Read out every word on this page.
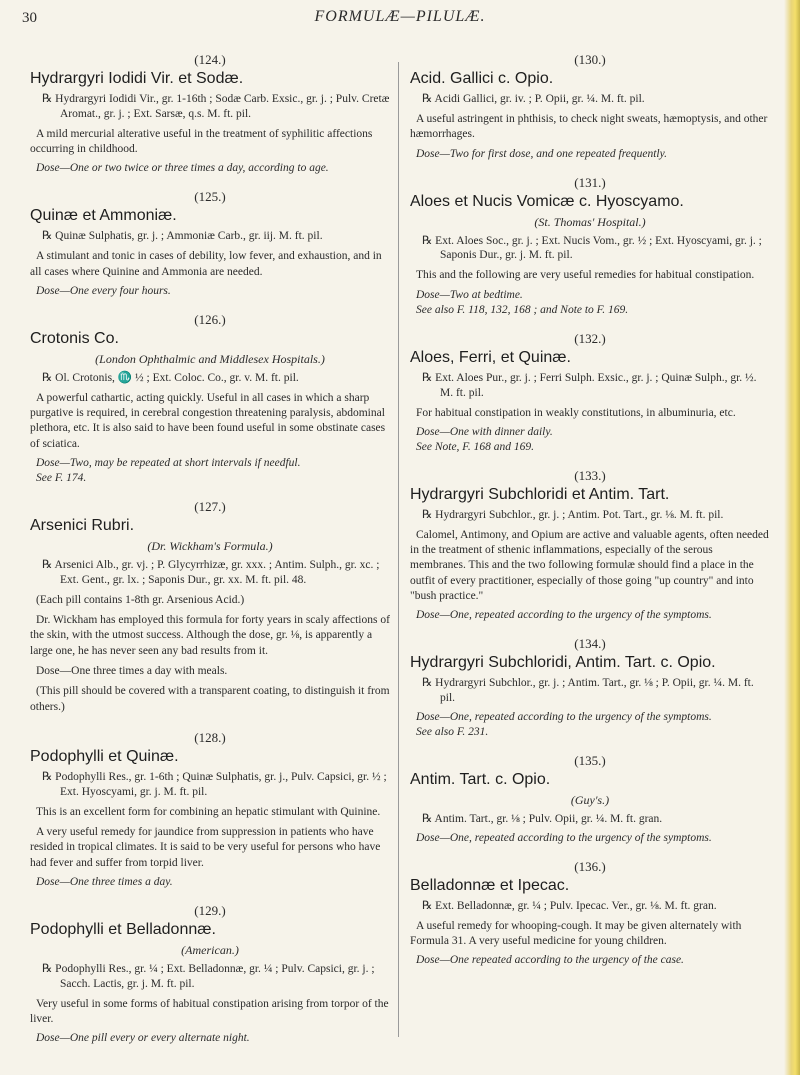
30	FORMULÆ—PILULÆ.
(124.)
Hydrargyri Iodidi Vir. et Sodæ.
℞ Hydrargyri Iodidi Vir., gr. 1-16th ; Sodæ Carb. Exsic., gr. j. ; Pulv. Cretæ Aromat., gr. j. ; Ext. Sarsæ, q.s. M. ft. pil.
A mild mercurial alterative useful in the treatment of syphilitic affections occurring in childhood.
Dose—One or two twice or three times a day, according to age.
(125.)
Quinæ et Ammoniæ.
℞ Quinæ Sulphatis, gr. j. ; Ammoniæ Carb., gr. iij. M. ft. pil.
A stimulant and tonic in cases of debility, low fever, and exhaustion, and in all cases where Quinine and Ammonia are needed.
Dose—One every four hours.
(126.)
Crotonis Co.
(London Ophthalmic and Middlesex Hospitals.)
℞ Ol. Crotonis, ♏ ½ ; Ext. Coloc. Co., gr. v. M. ft. pil.
A powerful cathartic, acting quickly. Useful in all cases in which a sharp purgative is required, in cerebral congestion threatening paralysis, abdominal plethora, etc. It is also said to have been found useful in some obstinate cases of sciatica.
Dose—Two, may be repeated at short intervals if needful.
See F. 174.
(127.)
Arsenici Rubri.
(Dr. Wickham's Formula.)
℞ Arsenici Alb., gr. vj. ; P. Glycyrrhizæ, gr. xxx. ; Antim. Sulph., gr. xc. ; Ext. Gent., gr. lx. ; Saponis Dur., gr. xx. M. ft. pil. 48.
(Each pill contains 1-8th gr. Arsenious Acid.)
Dr. Wickham has employed this formula for forty years in scaly affections of the skin, with the utmost success. Although the dose, gr. ⅛, is apparently a large one, he has never seen any bad results from it.
Dose—One three times a day with meals.
(This pill should be covered with a transparent coating, to distinguish it from others.)
(128.)
Podophylli et Quinæ.
℞ Podophylli Res., gr. 1-6th ; Quinæ Sulphatis, gr. j., Pulv. Capsici, gr. ½ ; Ext. Hyoscyami, gr. j. M. ft. pil.
This is an excellent form for combining an hepatic stimulant with Quinine.
A very useful remedy for jaundice from suppression in patients who have resided in tropical climates. It is said to be very useful for persons who have had fever and suffer from torpid liver.
Dose—One three times a day.
(129.)
Podophylli et Belladonnæ.
(American.)
℞ Podophylli Res., gr. ¼ ; Ext. Belladonnæ, gr. ¼ ; Pulv. Capsici, gr. j. ; Sacch. Lactis, gr. j. M. ft. pil.
Very useful in some forms of habitual constipation arising from torpor of the liver.
Dose—One pill every or every alternate night.
(130.)
Acid. Gallici c. Opio.
℞ Acidi Gallici, gr. iv. ; P. Opii, gr. ¼. M. ft. pil.
A useful astringent in phthisis, to check night sweats, hæmoptysis, and other hæmorrhages.
Dose—Two for first dose, and one repeated frequently.
(131.)
Aloes et Nucis Vomicæ c. Hyoscyamo.
(St. Thomas' Hospital.)
℞ Ext. Aloes Soc., gr. j. ; Ext. Nucis Vom., gr. ½ ; Ext. Hyoscyami, gr. j. ; Saponis Dur., gr. j. M. ft. pil.
This and the following are very useful remedies for habitual constipation.
Dose—Two at bedtime.
See also F. 118, 132, 168 ; and Note to F. 169.
(132.)
Aloes, Ferri, et Quinæ.
℞ Ext. Aloes Pur., gr. j. ; Ferri Sulph. Exsic., gr. j. ; Quinæ Sulph., gr. ½. M. ft. pil.
For habitual constipation in weakly constitutions, in albuminuria, etc.
Dose—One with dinner daily.
See Note, F. 168 and 169.
(133.)
Hydrargyri Subchloridi et Antim. Tart.
℞ Hydrargyri Subchlor., gr. j. ; Antim. Pot. Tart., gr. ⅛. M. ft. pil.
Calomel, Antimony, and Opium are active and valuable agents, often needed in the treatment of sthenic inflammations, especially of the serous membranes. This and the two following formulæ should find a place in the outfit of every practitioner, especially of those going "up country" and into "bush practice."
Dose—One, repeated according to the urgency of the symptoms.
(134.)
Hydrargyri Subchloridi, Antim. Tart. c. Opio.
℞ Hydrargyri Subchlor., gr. j. ; Antim. Tart., gr. ⅛ ; P. Opii, gr. ¼. M. ft. pil.
Dose—One, repeated according to the urgency of the symptoms.
See also F. 231.
(135.)
Antim. Tart. c. Opio.
(Guy's.)
℞ Antim. Tart., gr. ⅛ ; Pulv. Opii, gr. ¼. M. ft. gran.
Dose—One, repeated according to the urgency of the symptoms.
(136.)
Belladonnæ et Ipecac.
℞ Ext. Belladonnæ, gr. ¼ ; Pulv. Ipecac. Ver., gr. ⅛. M. ft. gran.
A useful remedy for whooping-cough. It may be given alternately with Formula 31. A very useful medicine for young children.
Dose—One repeated according to the urgency of the case.
